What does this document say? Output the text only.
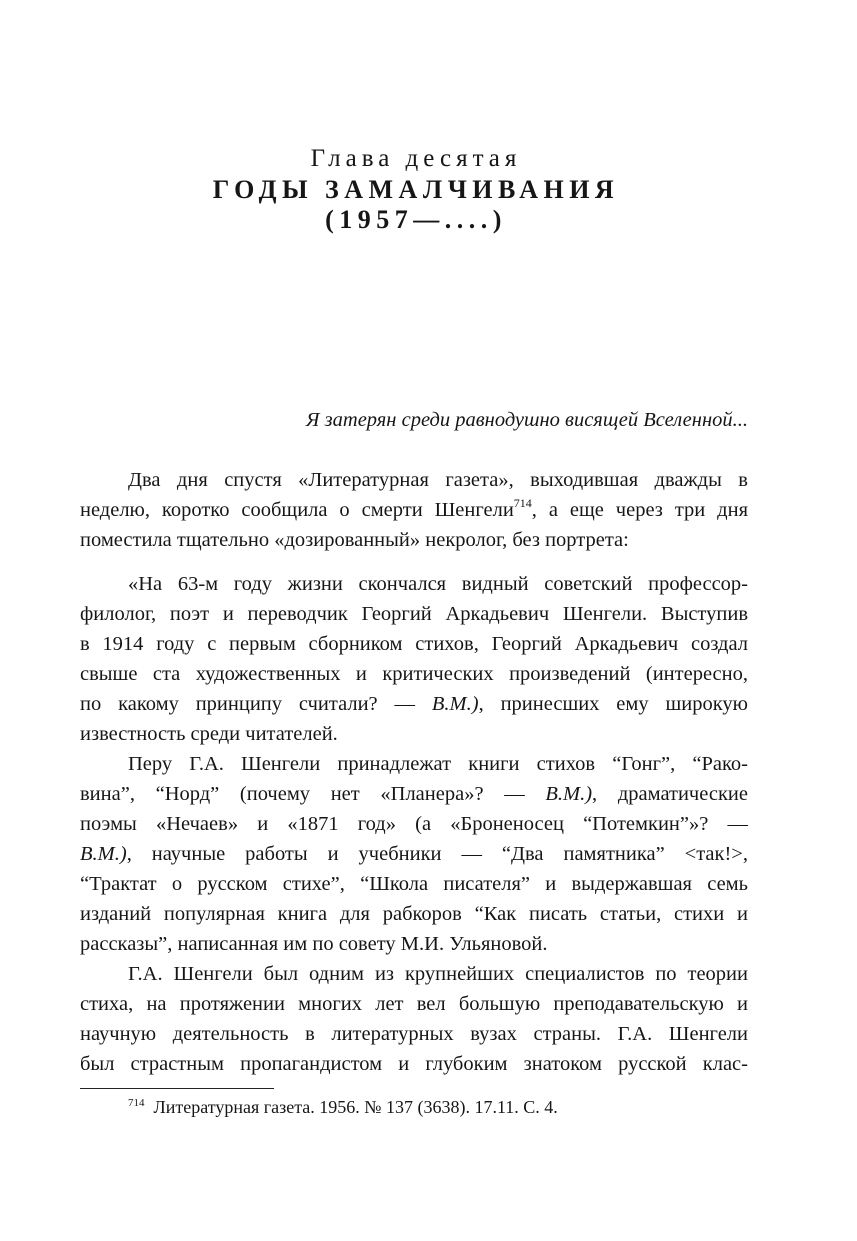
Глава десятая
ГОДЫ ЗАМАЛЧИВАНИЯ
(1957—....)
Я затерян среди равнодушно висящей Вселенной...
Два дня спустя «Литературная газета», выходившая дважды в
неделю, коротко сообщила о смерти Шенгели$^{714}$, а еще через три дня
поместила тщательно «дозированный» некролог, без портрета:
«На 63-м году жизни скончался видный советский профессор-
филолог, поэт и переводчик Георгий Аркадьевич Шенгели. Выступив
в 1914 году с первым сборником стихов, Георгий Аркадьевич создал
свыше ста художественных и критических произведений (интересно,
по какому принципу считали? — В.М.), принесших ему широкую
известность среди читателей.
Перу Г.А. Шенгели принадлежат книги стихов “Гонг”, “Рако-
вина”, “Норд” (почему нет «Планера»? — В.М.), драматические
поэмы «Нечаев» и «1871 год» (а «Броненосец “Потемкин”»? —
В.М.), научные работы и учебники — “Два памятника” <так!>,
“Трактат о русском стихе”, “Школа писателя” и выдержавшая семь
изданий популярная книга для рабкоров “Как писать статьи, стихи и
рассказы”, написанная им по совету М.И. Ульяновой.
Г.А. Шенгели был одним из крупнейших специалистов по теории
стиха, на протяжении многих лет вел большую преподавательскую и
научную деятельность в литературных вузах страны. Г.А. Шенгели
был страстным пропагандистом и глубоким знатоком русской клас-
$^{714}$ Литературная газета. 1956. № 137 (3638). 17.11. С. 4.
